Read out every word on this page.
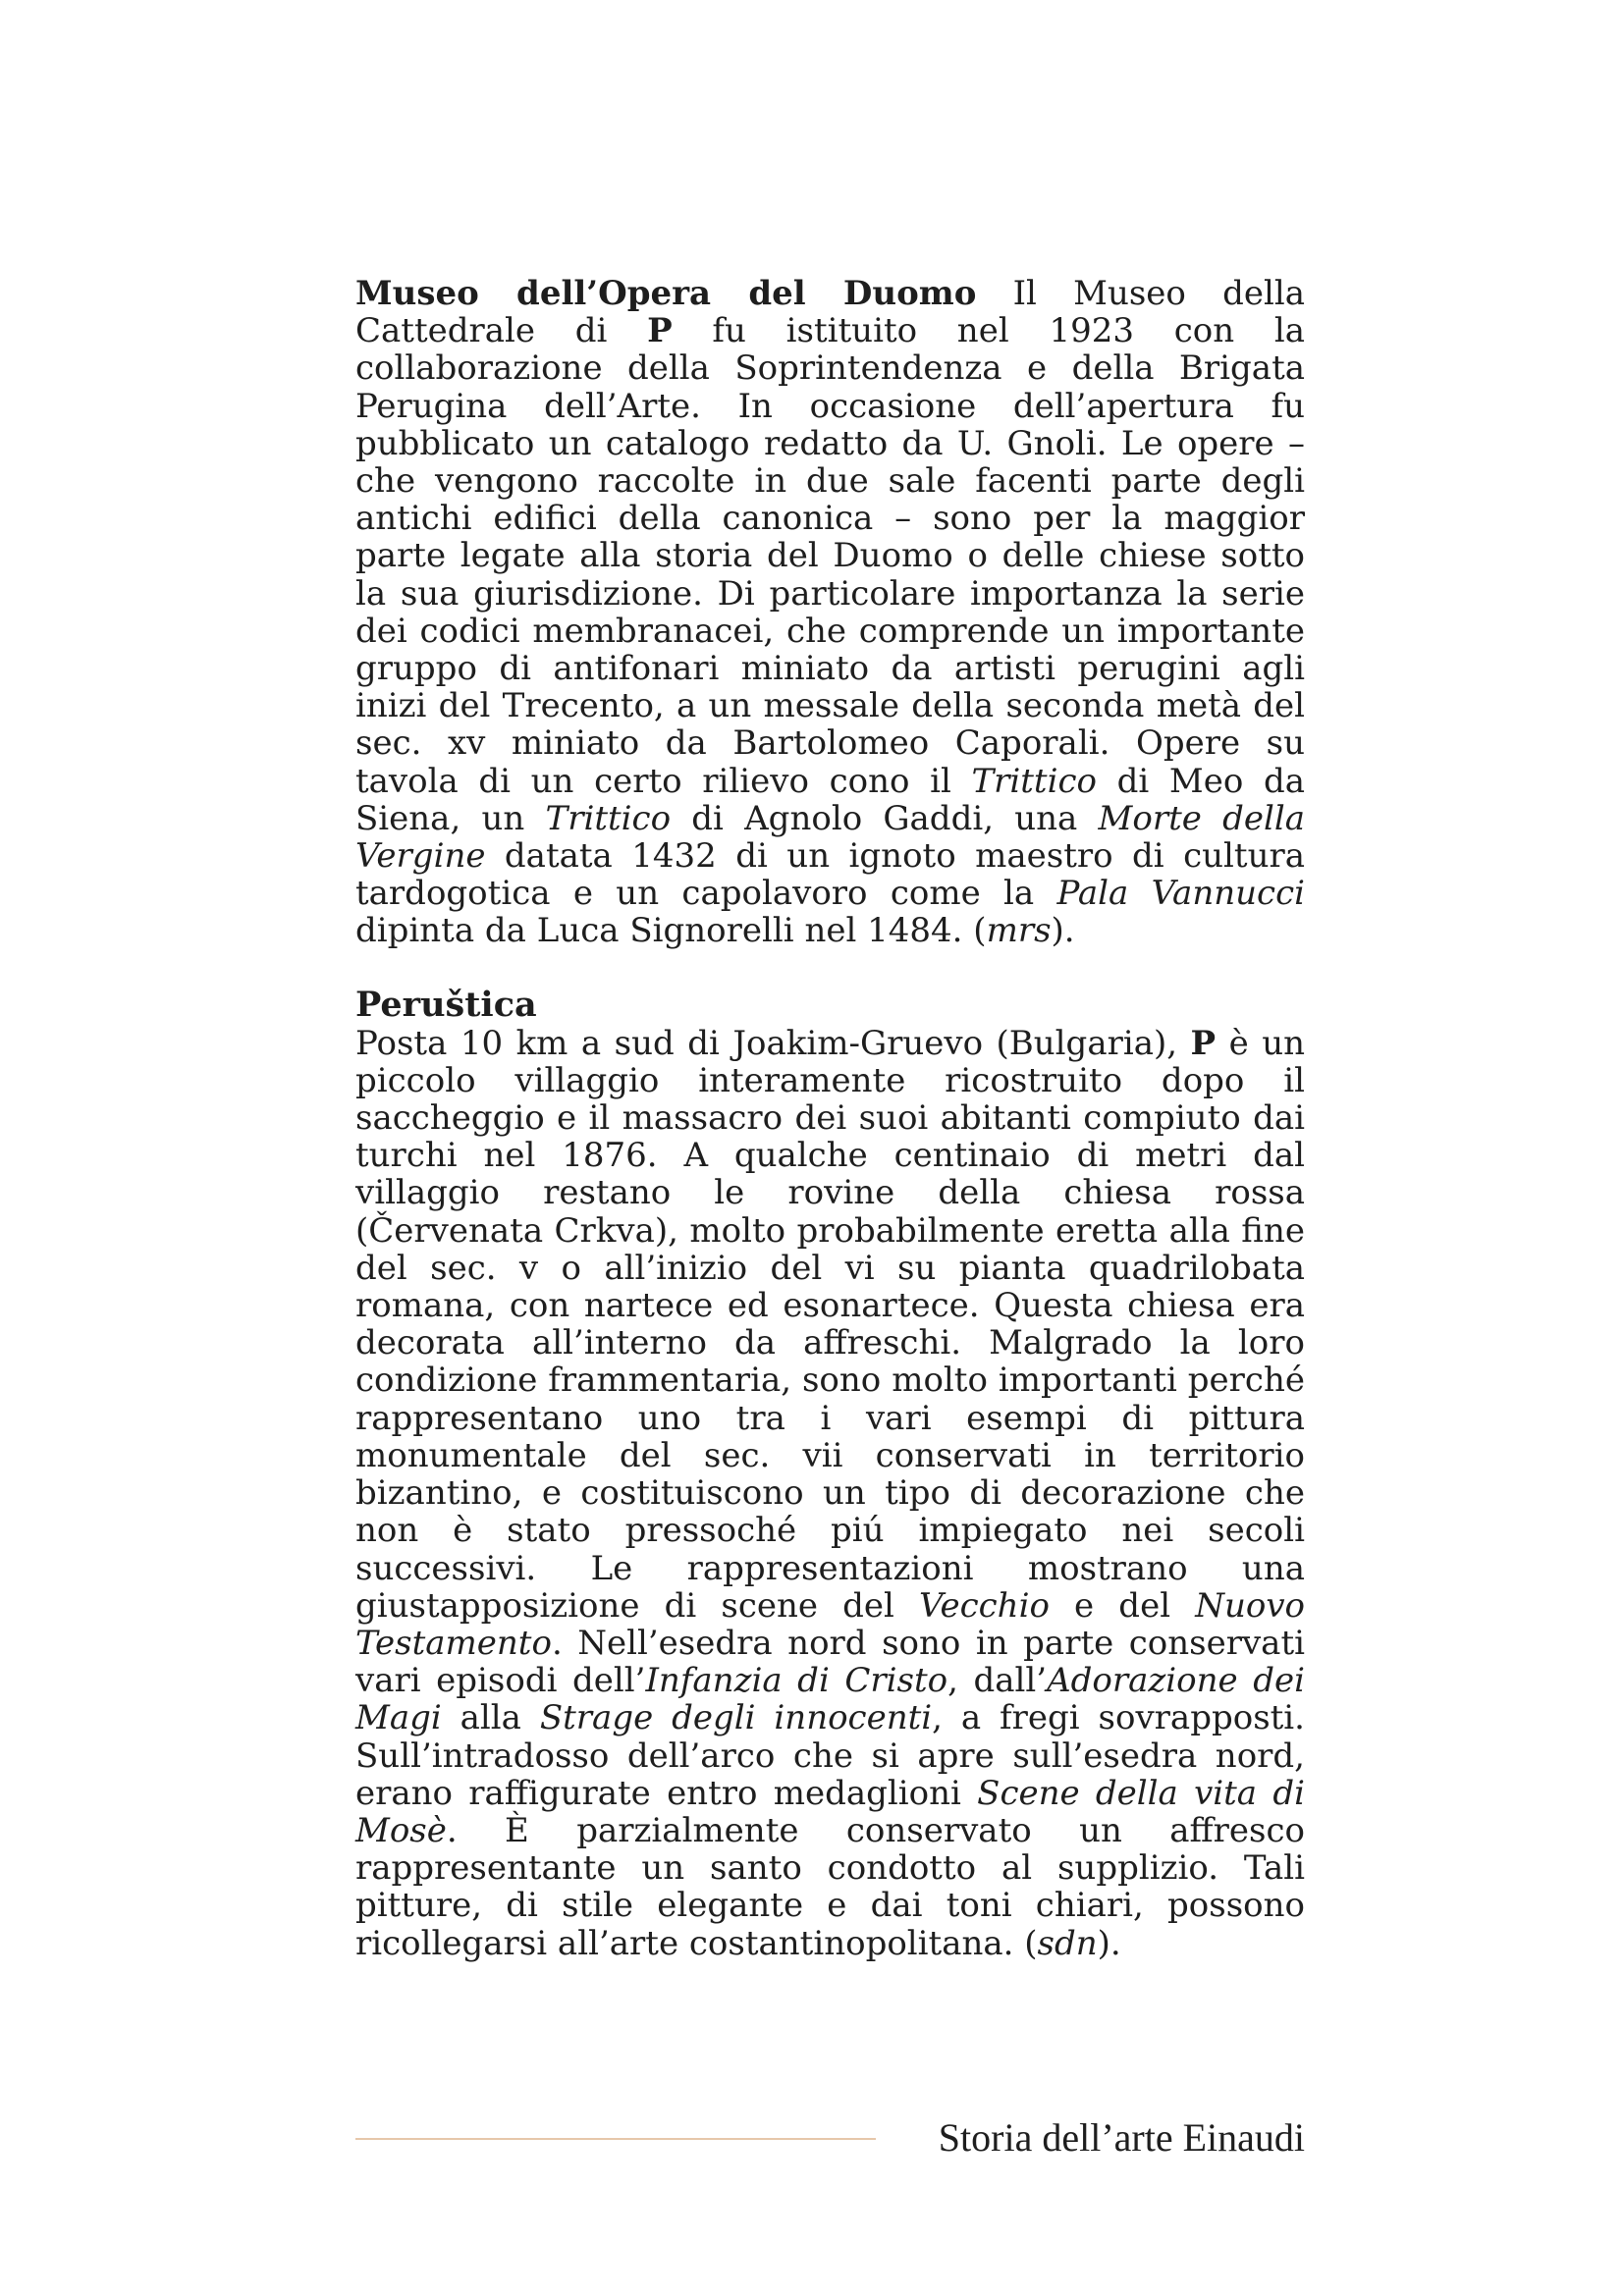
Museo dell’Opera del Duomo Il Museo della Cattedrale di P fu istituito nel 1923 con la collaborazione della Soprintendenza e della Brigata Perugina dell’Arte. In occasione dell’apertura fu pubblicato un catalogo redatto da U. Gnoli. Le opere – che vengono raccolte in due sale facenti parte degli antichi edifici della canonica – sono per la maggior parte legate alla storia del Duomo o delle chiese sotto la sua giurisdizione. Di particolare importanza la serie dei codici membranacei, che comprende un importante gruppo di antifonari miniato da artisti perugini agli inizi del Trecento, a un messale della seconda metà del sec. xv miniato da Bartolomeo Caporali. Opere su tavola di un certo rilievo cono il Trittico di Meo da Siena, un Trittico di Agnolo Gaddi, una Morte della Vergine datata 1432 di un ignoto maestro di cultura tardogotica e un capolavoro come la Pala Vannucci dipinta da Luca Signorelli nel 1484. (mrs).

Peruštica

Posta 10 km a sud di Joakim-Gruevo (Bulgaria), P è un piccolo villaggio interamente ricostruito dopo il saccheggio e il massacro dei suoi abitanti compiuto dai turchi nel 1876. A qualche centinaio di metri dal villaggio restano le rovine della chiesa rossa (Červenata Crkva), molto probabilmente eretta alla fine del sec. v o all’inizio del vi su pianta quadrilobata romana, con nartece ed esonartece. Questa chiesa era decorata all’interno da affreschi. Malgrado la loro condizione frammentaria, sono molto importanti perché rappresentano uno tra i vari esempi di pittura monumentale del sec. vii conservati in territorio bizantino, e costituiscono un tipo di decorazione che non è stato pressoché piú impiegato nei secoli successivi. Le rappresentazioni mostrano una giustapposizione di scene del Vecchio e del Nuovo Testamento. Nell’esedra nord sono in parte conservati vari episodi dell’Infanzia di Cristo, dall’Adorazione dei Magi alla Strage degli innocenti, a fregi sovrapposti. Sull’intradosso dell’arco che si apre sull’esedra nord, erano raffigurate entro medaglioni Scene della vita di Mosè. È parzialmente conservato un affresco rappresentante un santo condotto al supplizio. Tali pitture, di stile elegante e dai toni chiari, possono ricollegarsi all’arte costantinopolitana. (sdn).

Storia dell’arte Einaudi
